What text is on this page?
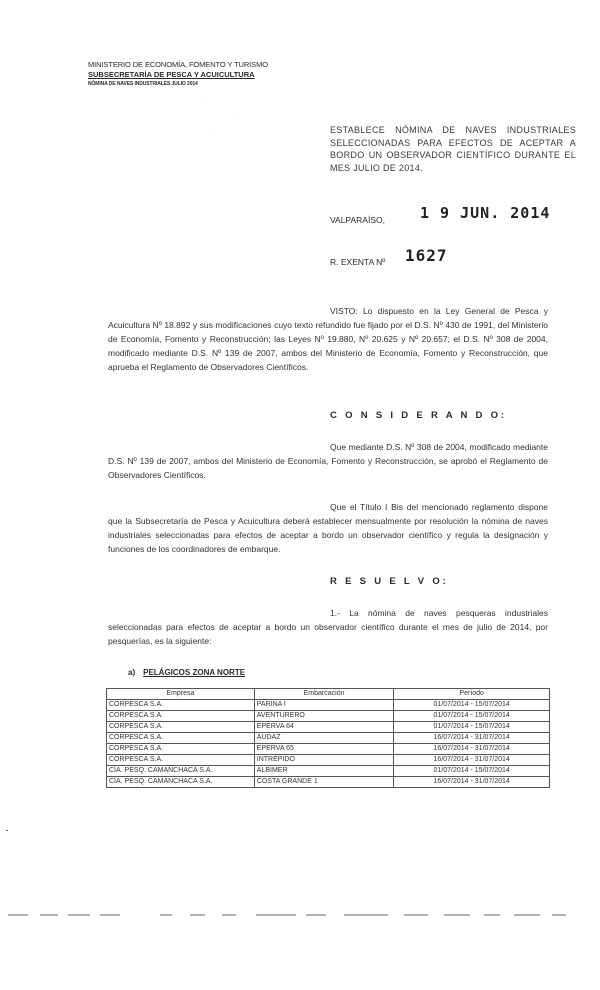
MINISTERIO DE ECONOMÍA, FOMENTO Y TURISMO
SUBSECRETARÍA DE PESCA Y ACUICULTURA
NÓMINA DE NAVES INDUSTRIALES JULIO 2014
·
·
·	ESTABLECE NÓMINA DE NAVES INDUSTRIALES SELECCIONADAS PARA EFECTOS DE ACEPTAR A BORDO UN OBSERVADOR CIENTÍFICO DURANTE EL MES JULIO DE 2014.
VALPARAÍSO, 1 9 JUN. 2014
R. EXENTA Nº 1627
VISTO: Lo dispuesto en la Ley General de Pesca y Acuicultura Nº 18.892 y sus modificaciones cuyo texto refundido fue fijado por el D.S. Nº 430 de 1991, del Ministerio de Economía, Fomento y Reconstrucción; las Leyes Nº 19.880, Nº 20.625 y Nº 20.657; el D.S. Nº 308 de 2004, modificado mediante D.S. Nº 139 de 2007, ambos del Ministerio de Economía, Fomento y Reconstrucción, que aprueba el Reglamento de Observadores Científicos.
C O N S I D E R A N D O:
Que mediante D.S. Nº 308 de 2004, modificado mediante D.S. Nº 139 de 2007, ambos del Ministerio de Economía, Fomento y Reconstrucción, se aprobó el Reglamento de Observadores Científicos.
Que el Título I Bis del mencionado reglamento dispone que la Subsecretaría de Pesca y Acuicultura deberá establecer mensualmente por resolución la nómina de naves industriales seleccionadas para efectos de aceptar a bordo un observador científico y regula la designación y funciones de los coordinadores de embarque.
R E S U E L V O:
1.- La nómina de naves pesqueras industriales seleccionadas para efectos de aceptar a bordo un observador científico durante el mes de julio de 2014, por pesquerías, es la siguiente:
a) PELÁGICOS ZONA NORTE
Empresa	Embarcación	Período
CORPESCA S.A.	PARINA I	01/07/2014 - 15/07/2014
CORPESCA S.A.	AVENTURERO	01/07/2014 - 15/07/2014
CORPESCA S.A.	EPERVA 64	01/07/2014 - 15/07/2014
CORPESCA S.A.	AUDAZ	16/07/2014 - 31/07/2014
CORPESCA S.A.	EPERVA 65	16/07/2014 - 31/07/2014
CORPESCA S.A.	INTRÉPIDO	16/07/2014 - 31/07/2014
CÍA. PESQ. CAMANCHACA S.A.	ALBIMER	01/07/2014 - 15/07/2014
CÍA. PESQ. CAMANCHACA S.A.	COSTA GRANDE 1	16/07/2014 - 31/07/2014
